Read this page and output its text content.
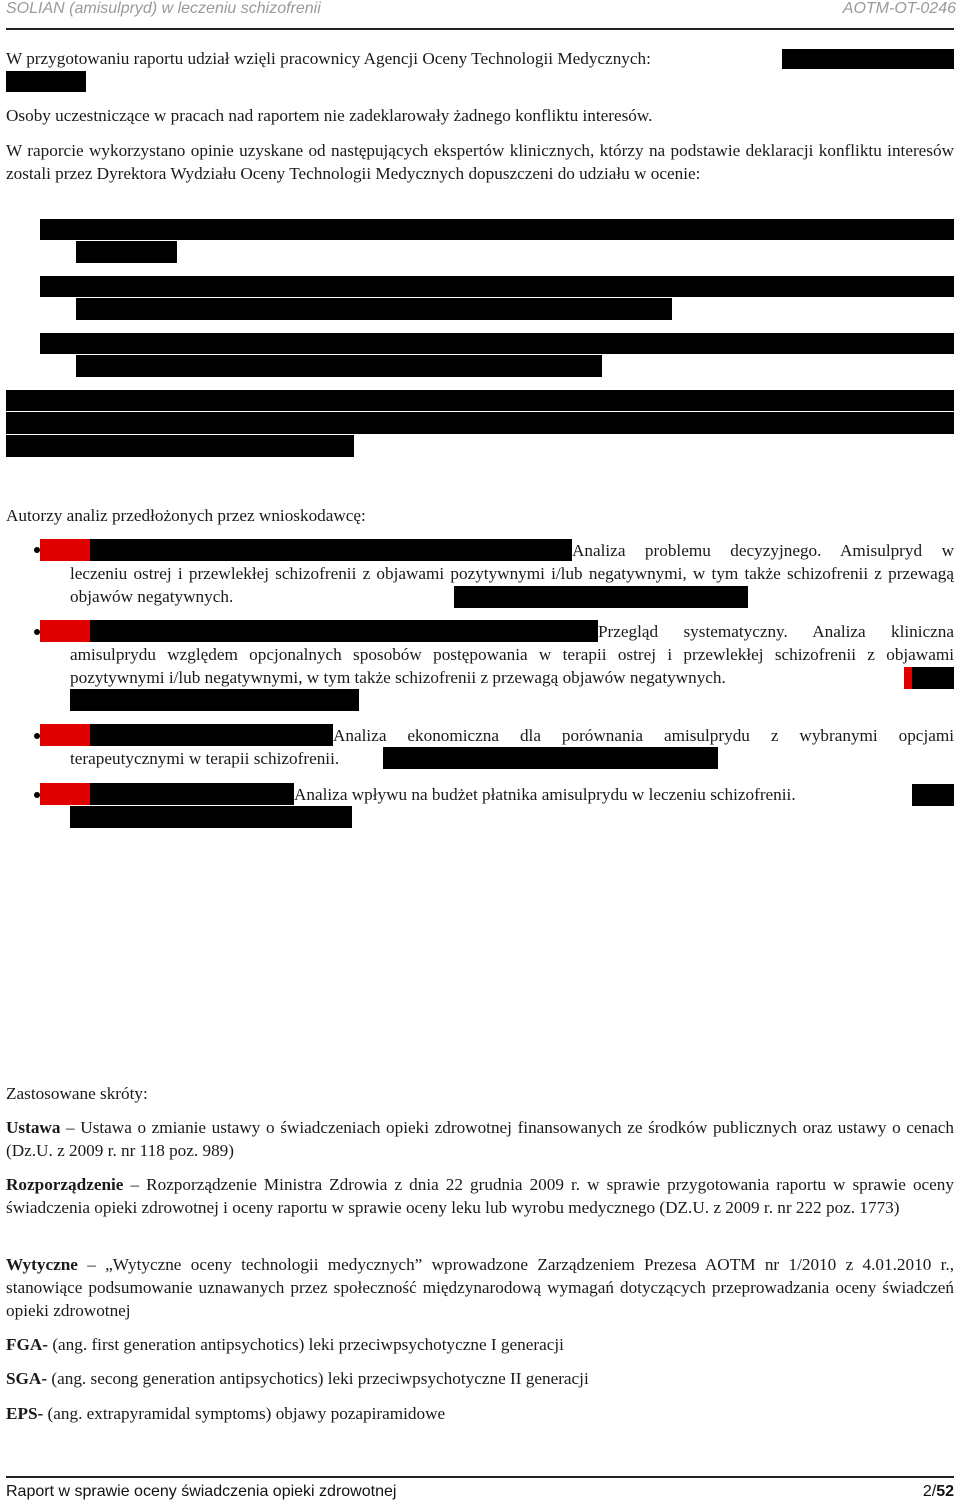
SOLIAN (amisulpryd) w leczeniu schizofrenii	AOTM-OT-0246

W przygotowaniu raportu udział wzięli pracownicy Agencji Oceny Technologii Medycznych:

Osoby uczestniczące w pracach nad raportem nie zadeklarowały żadnego konfliktu interesów.

W raporcie wykorzystano opinie uzyskane od następujących ekspertów klinicznych, którzy na podstawie deklaracji konfliktu interesów zostali przez Dyrektora Wydziału Oceny Technologii Medycznych dopuszczeni do udziału w ocenie:

Autorzy analiz przedłożonych przez wnioskodawcę:

Analiza problemu decyzyjnego. Amisulpryd w leczeniu ostrej i przewlekłej schizofrenii z objawami pozytywnymi i/lub negatywnymi, w tym także schizofrenii z przewagą objawów negatywnych.

Przegląd systematyczny. Analiza kliniczna amisulprydu względem opcjonalnych sposobów postępowania w terapii ostrej i przewlekłej schizofrenii z objawami pozytywnymi i/lub negatywnymi, w tym także schizofrenii z przewagą objawów negatywnych.

Analiza ekonomiczna dla porównania amisulprydu z wybranymi opcjami terapeutycznymi w terapii schizofrenii.

Analiza wpływu na budżet płatnika amisulprydu w leczeniu schizofrenii.

Zastosowane skróty:

Ustawa – Ustawa o zmianie ustawy o świadczeniach opieki zdrowotnej finansowanych ze środków publicznych oraz ustawy o cenach (Dz.U. z 2009 r. nr 118 poz. 989)

Rozporządzenie – Rozporządzenie Ministra Zdrowia z dnia 22 grudnia 2009 r. w sprawie przygotowania raportu w sprawie oceny świadczenia opieki zdrowotnej i oceny raportu w sprawie oceny leku lub wyrobu medycznego (DZ.U. z 2009 r. nr 222 poz. 1773)

Wytyczne – „Wytyczne oceny technologii medycznych” wprowadzone Zarządzeniem Prezesa AOTM nr 1/2010 z 4.01.2010 r., stanowiące podsumowanie uznawanych przez społeczność międzynarodową wymagań dotyczących przeprowadzania oceny świadczeń opieki zdrowotnej

FGA- (ang. first generation antipsychotics) leki przeciwpsychotyczne I generacji

SGA- (ang. secong generation antipsychotics) leki przeciwpsychotyczne II generacji

EPS- (ang. extrapyramidal symptoms) objawy pozapiramidowe

Raport w sprawie oceny świadczenia opieki zdrowotnej	2/52
